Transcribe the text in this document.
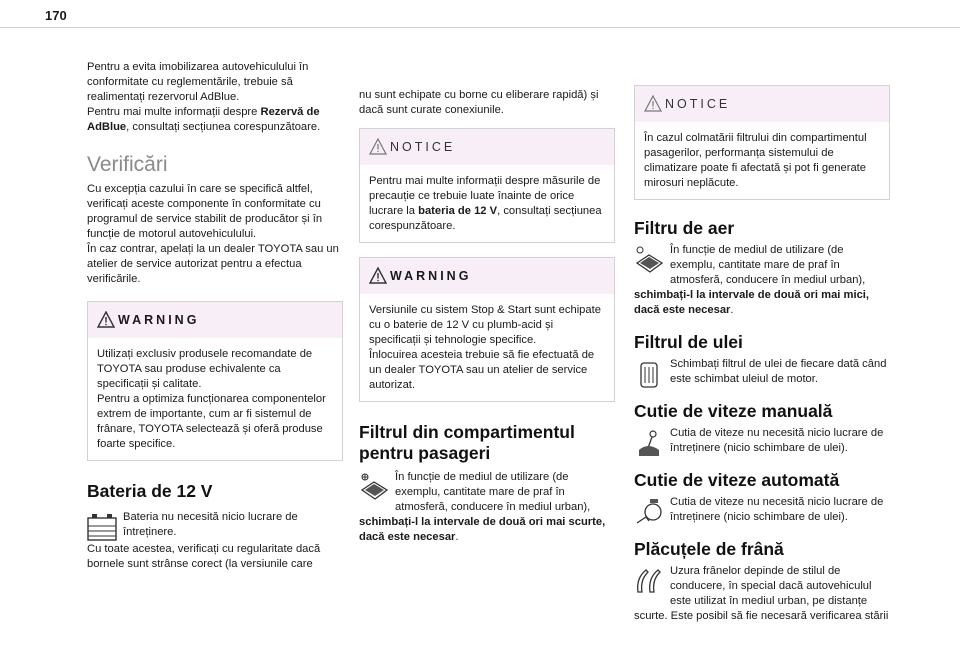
170

Pentru a evita imobilizarea autovehiculului în conformitate cu reglementările, trebuie să realimentați rezervorul AdBlue.

Pentru mai multe informații despre Rezervă de AdBlue, consultați secțiunea corespunzătoare.

Verificări

Cu excepția cazului în care se specifică altfel, verificați aceste componente în conformitate cu programul de service stabilit de producător și în funcție de motorul autovehiculului.

În caz contrar, apelați la un dealer TOYOTA sau un atelier de service autorizat pentru a efectua verificările.

WARNING

Utilizați exclusiv produsele recomandate de TOYOTA sau produse echivalente ca specificații și calitate.

Pentru a optimiza funcționarea componentelor extrem de importante, cum ar fi sistemul de frânare, TOYOTA selectează și oferă produse foarte specifice.

Bateria de 12 V

Bateria nu necesită nicio lucrare de întreținere.

Cu toate acestea, verificați cu regularitate dacă bornele sunt strânse corect (la versiunile care

nu sunt echipate cu borne cu eliberare rapidă) și dacă sunt curate conexiunile.

NOTICE

Pentru mai multe informații despre măsurile de precauție ce trebuie luate înainte de orice lucrare la bateria de 12 V, consultați secțiunea corespunzătoare.

WARNING

Versiunile cu sistem Stop & Start sunt echipate cu o baterie de 12 V cu plumb-acid și specificații și tehnologie specifice.

Înlocuirea acesteia trebuie să fie efectuată de un dealer TOYOTA sau un atelier de service autorizat.

Filtrul din compartimentul pentru pasageri

În funcție de mediul de utilizare (de exemplu, cantitate mare de praf în atmosferă, conducere în mediul urban), schimbați-l la intervale de două ori mai scurte, dacă este necesar.

NOTICE

În cazul colmatării filtrului din compartimentul pasagerilor, performanța sistemului de climatizare poate fi afectată și pot fi generate mirosuri neplăcute.

Filtru de aer

În funcție de mediul de utilizare (de exemplu, cantitate mare de praf în atmosferă, conducere în mediul urban), schimbați-l la intervale de două ori mai mici, dacă este necesar.

Filtrul de ulei

Schimbați filtrul de ulei de fiecare dată când este schimbat uleiul de motor.

Cutie de viteze manuală

Cutia de viteze nu necesită nicio lucrare de întreținere (nicio schimbare de ulei).

Cutie de viteze automată

Cutia de viteze nu necesită nicio lucrare de întreținere (nicio schimbare de ulei).

Plăcuțele de frână

Uzura frânelor depinde de stilul de conducere, în special dacă autovehiculul este utilizat în mediul urban, pe distanțe scurte. Este posibil să fie necesară verificarea stării
